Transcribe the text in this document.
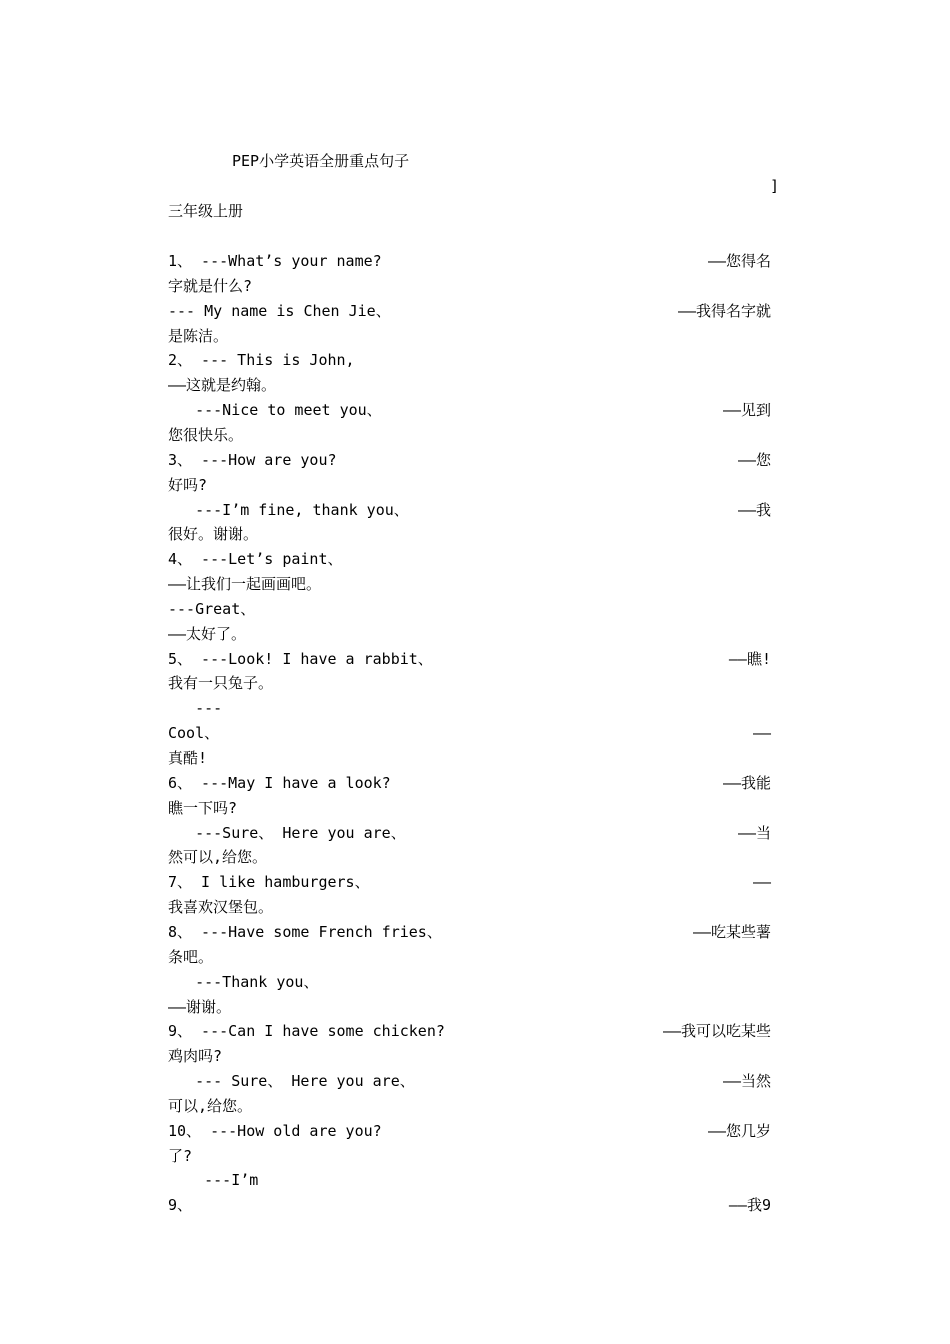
PEP小学英语全册重点句子
]
三年级上册
1、 ---What’s your name?	——您得名
字就是什么?
--- My name is Chen Jie、	——我得名字就
是陈洁。
2、 --- This is John,
——这就是约翰。
---Nice to meet you、	——见到
您很快乐。
3、 ---How are you?	——您
好吗?
---I’m fine, thank you、	——我
很好。谢谢。
4、 ---Let’s paint、
——让我们一起画画吧。
---Great、
——太好了。
5、 ---Look! I have a rabbit、	——瞧!
我有一只兔子。
---
Cool、	——
真酷!
6、 ---May I have a look?	——我能
瞧一下吗?
---Sure、 Here you are、	——当
然可以,给您。
7、 I like hamburgers、	——
我喜欢汉堡包。
8、 ---Have some French fries、	——吃某些薯
条吧。
---Thank you、
——谢谢。
9、 ---Can I have some chicken?	——我可以吃某些
鸡肉吗?
--- Sure、 Here you are、	——当然
可以,给您。
10、 ---How old are you?	——您几岁
了?
---I’m
9、	——我9
